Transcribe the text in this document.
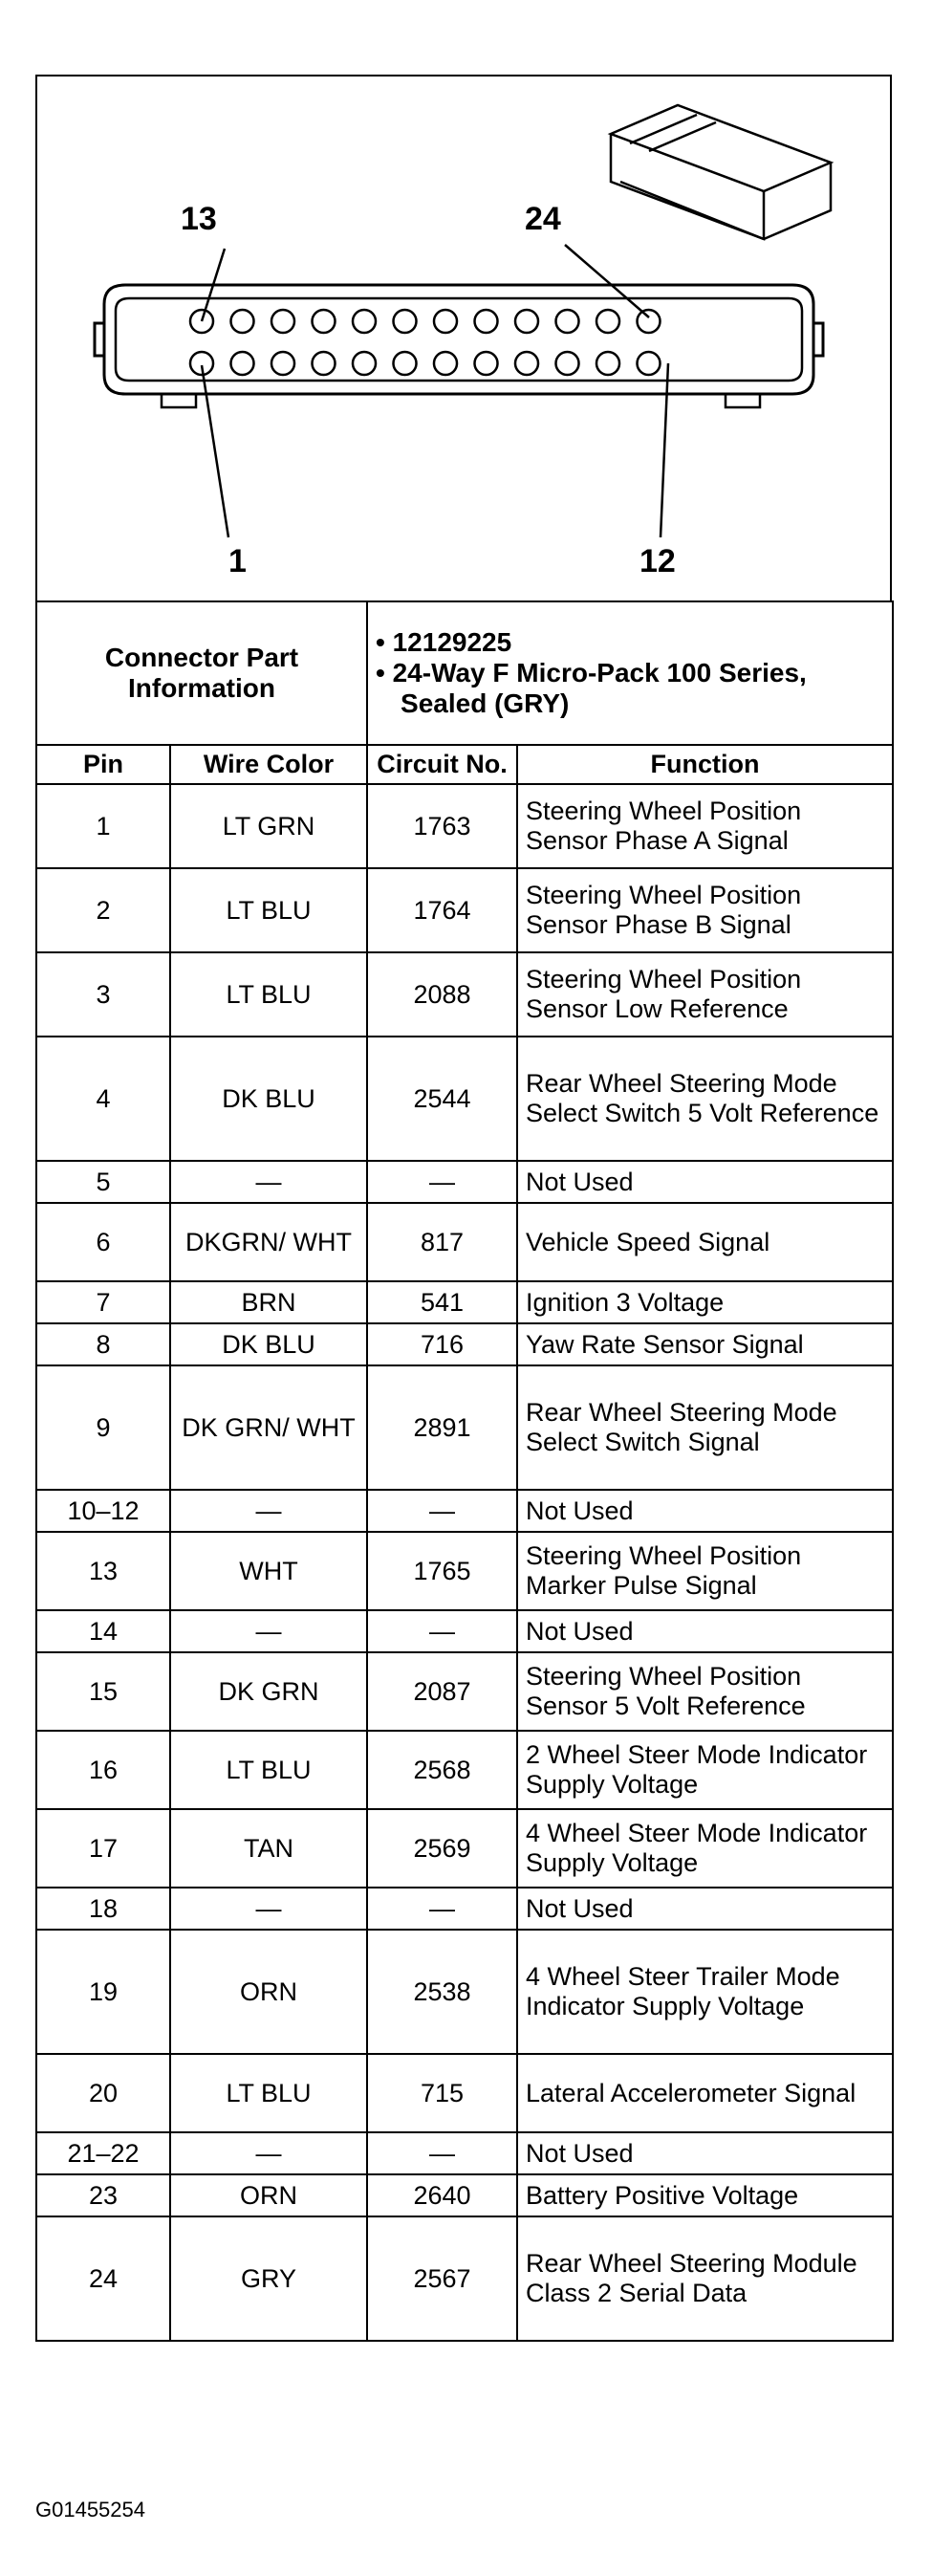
13	24
1	12
Connector Part Information		• 12129225
• 24-Way F Micro-Pack 100 Series, Sealed (GRY)	

Pin	Wire Color	Circuit No.	Function
1	LT GRN	1763	Steering Wheel Position Sensor Phase A Signal
2	LT BLU	1764	Steering Wheel Position Sensor Phase B Signal
3	LT BLU	2088	Steering Wheel Position Sensor Low Reference
4	DK BLU	2544	Rear Wheel Steering Mode Select Switch 5 Volt Reference
5	—	—	Not Used
6	DKGRN/ WHT	817	Vehicle Speed Signal
7	BRN	541	Ignition 3 Voltage
8	DK BLU	716	Yaw Rate Sensor Signal
9	DK GRN/ WHT	2891	Rear Wheel Steering Mode Select Switch Signal
10–12	—	—	Not Used
13	WHT	1765	Steering Wheel Position Marker Pulse Signal
14	—	—	Not Used
15	DK GRN	2087	Steering Wheel Position Sensor 5 Volt Reference
16	LT BLU	2568	2 Wheel Steer Mode Indicator Supply Voltage
17	TAN	2569	4 Wheel Steer Mode Indicator Supply Voltage
18	—	—	Not Used
19	ORN	2538	4 Wheel Steer Trailer Mode Indicator Supply Voltage
20	LT BLU	715	Lateral Accelerometer Signal
21–22	—	—	Not Used
23	ORN	2640	Battery Positive Voltage
24	GRY	2567	Rear Wheel Steering Module Class 2 Serial Data
G01455254
